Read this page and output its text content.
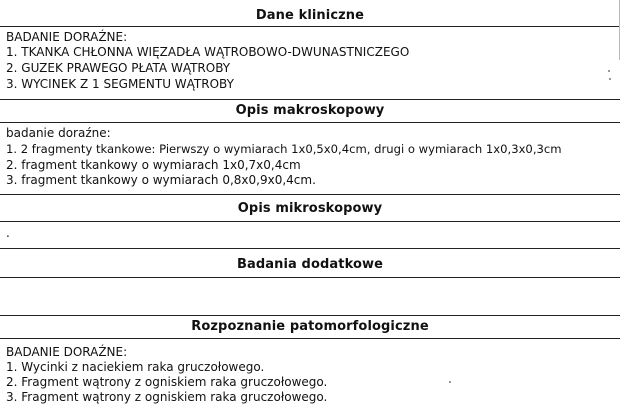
Dane kliniczne
BADANIE DORAŹNE:
1. TKANKA CHŁONNA WIĘZADŁA WĄTROBOWO-DWUNASTNICZEGO
2. GUZEK PRAWEGO PŁATA WĄTROBY
3. WYCINEK Z 1 SEGMENTU WĄTROBY
Opis makroskopowy
badanie doraźne:
1. 2 fragmenty tkankowe: Pierwszy o wymiarach 1x0,5x0,4cm, drugi o wymiarach 1x0,3x0,3cm
2. fragment tkankowy o wymiarach 1x0,7x0,4cm
3. fragment tkankowy o wymiarach 0,8x0,9x0,4cm.
Opis mikroskopowy
.
Badania dodatkowe
Rozpoznanie patomorfologiczne
BADANIE DORAŹNE:
1. Wycinki z naciekiem raka gruczołowego.
2. Fragment wątrony z ogniskiem raka gruczołowego.
3. Fragment wątrony z ogniskiem raka gruczołowego.
